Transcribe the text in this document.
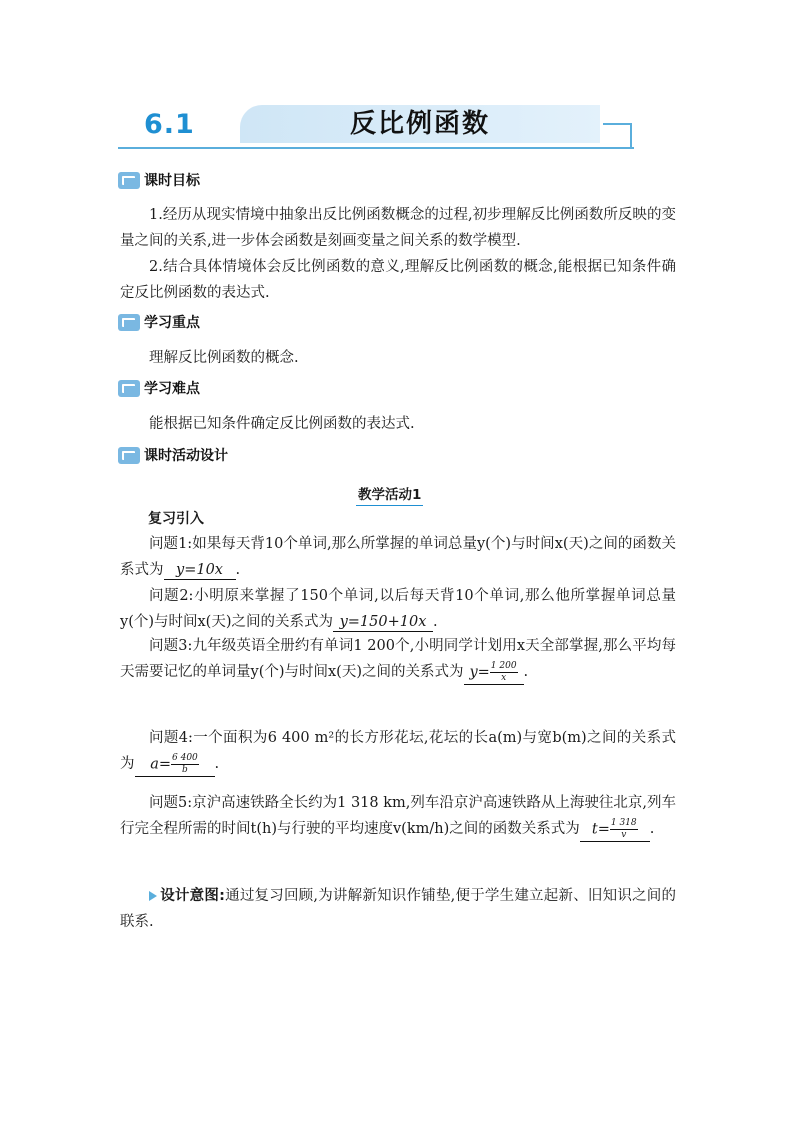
6.1	反比例函数
课时目标

1.经历从现实情境中抽象出反比例函数概念的过程,初步理解反比例函数所反映的变量之间的关系,进一步体会函数是刻画变量之间关系的数学模型.

2.结合具体情境体会反比例函数的意义,理解反比例函数的概念,能根据已知条件确定反比例函数的表达式.

学习重点

理解反比例函数的概念.

学习难点

能根据已知条件确定反比例函数的表达式.

课时活动设计
教学活动1
复习引入

问题1:如果每天背10个单词,那么所掌握的单词总量y(个)与时间x(天)之间的函数关系式为 y=10x .

问题2:小明原来掌握了150个单词,以后每天背10个单词,那么他所掌握单词总量y(个)与时间x(天)之间的关系式为 y=150+10x .

问题3:九年级英语全册约有单词1 200个,小明同学计划用x天全部掌握,那么平均每天需要记忆的单词量y(个)与时间x(天)之间的关系式为 $y= \frac{1 200}{x}$ .

问题4:一个面积为6 400 m²的长方形花坛,花坛的长a(m)与宽b(m)之间的关系式为 $a= \frac{6 400}{b}$ .

问题5:京沪高速铁路全长约为1 318 km,列车沿京沪高速铁路从上海驶往北京,列车行完全程所需的时间t(h)与行驶的平均速度v(km/h)之间的函数关系式为 $t= \frac{1 318}{v}$ .

设计意图:通过复习回顾,为讲解新知识作铺垫,便于学生建立起新、旧知识之间的联系.
